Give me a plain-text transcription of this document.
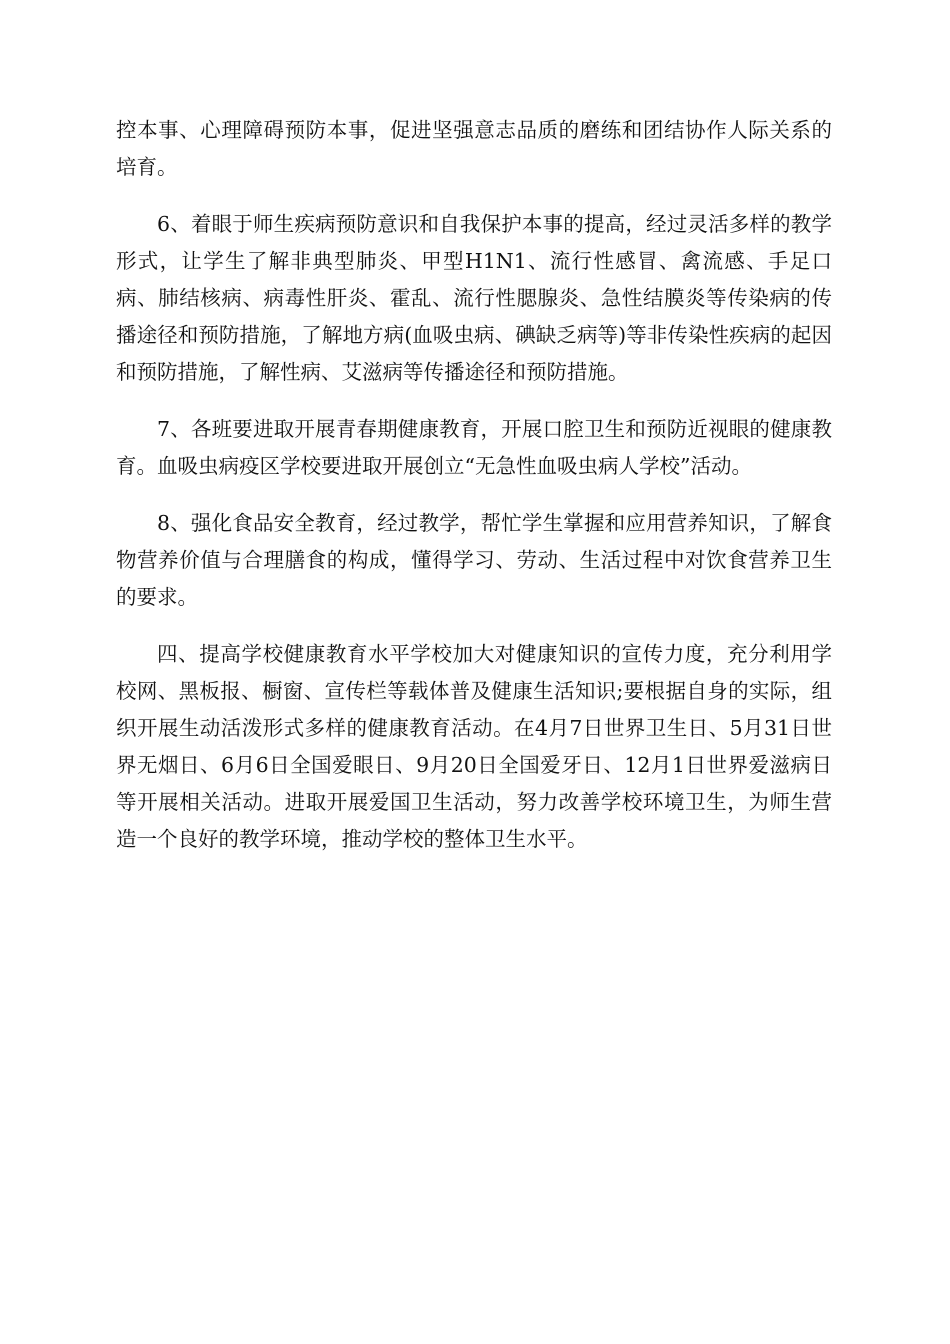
控本事、心理障碍预防本事，促进坚强意志品质的磨练和团结协作人际关系的培育。

6、着眼于师生疾病预防意识和自我保护本事的提高，经过灵活多样的教学形式，让学生了解非典型肺炎、甲型H1N1、流行性感冒、禽流感、手足口病、肺结核病、病毒性肝炎、霍乱、流行性腮腺炎、急性结膜炎等传染病的传播途径和预防措施，了解地方病(血吸虫病、碘缺乏病等)等非传染性疾病的起因和预防措施，了解性病、艾滋病等传播途径和预防措施。

7、各班要进取开展青春期健康教育，开展口腔卫生和预防近视眼的健康教育。血吸虫病疫区学校要进取开展创立“无急性血吸虫病人学校”活动。

8、强化食品安全教育，经过教学，帮忙学生掌握和应用营养知识，了解食物营养价值与合理膳食的构成，懂得学习、劳动、生活过程中对饮食营养卫生的要求。

四、提高学校健康教育水平学校加大对健康知识的宣传力度，充分利用学校网、黑板报、橱窗、宣传栏等载体普及健康生活知识;要根据自身的实际，组织开展生动活泼形式多样的健康教育活动。在4月7日世界卫生日、5月31日世界无烟日、6月6日全国爱眼日、9月20日全国爱牙日、12月1日世界爱滋病日等开展相关活动。进取开展爱国卫生活动，努力改善学校环境卫生，为师生营造一个良好的教学环境，推动学校的整体卫生水平。
